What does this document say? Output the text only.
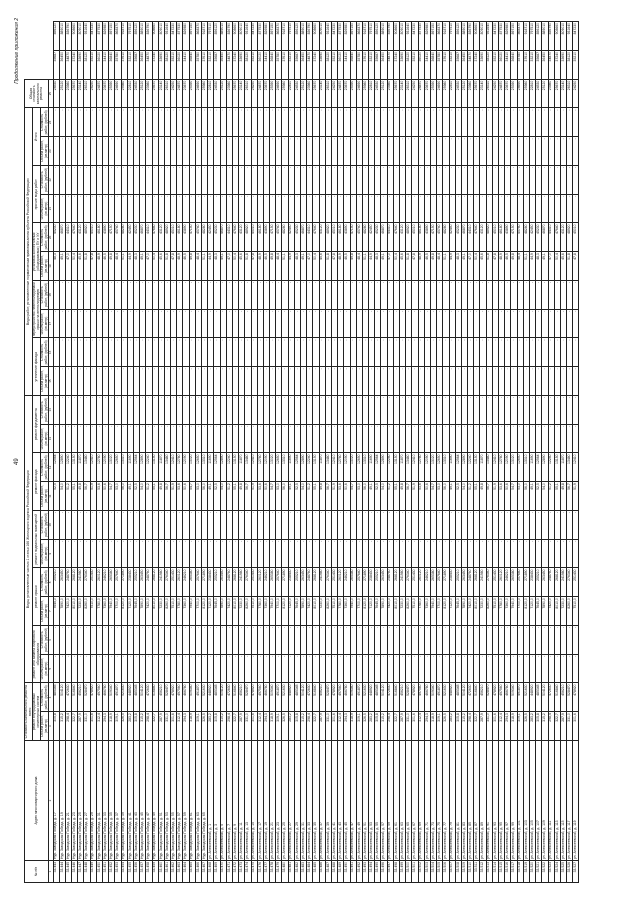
49
Продолжение приложения 2
№ п/п	Адрес многоквартирного дома	Стоимость капитального ремонта всего		Виды, установленные частью 1 статьи 166 Жилищного кодекса Российской Федерации										Виды работ, установленные нормативным правовым актом субъекта Российской Федерации										Общая стоимость капитального ремонта		
		ремонт внутридомовых инженерных систем		ремонт или замена лифтового оборудования		ремонт крыши		ремонт подвальных помещений		ремонт фасада		ремонт фундамента		утепление фасада		переустройство невентилируемой крыши на вентилируемую		установка коллективных (общедомовых) ПУ и УУ		прочие виды работ		Итого				
		Объем работ, (кв.метр)	Стоимость работ, (рублей)	Объем работ, (кв.метр)	Стоимость работ, (рублей)	Объем работ, (кв.метр)	Стоимость работ, (рублей)	Объем работ, (кв.метр)	Стоимость работ, (рублей)	Объем работ, (кв.метр)	Стоимость работ, (рублей)	Объем работ, (кв.метр)	Стоимость работ, (рублей)	Объем работ, (кв.метр)	Стоимость работ, (рублей)	Объем работ, (кв.метр)	Стоимость работ, (рублей)	Объем работ, (кв.метр)	Стоимость работ, (рублей)	Объем работ, (кв.метр)	Стоимость работ, (рублей)	Объем работ, (кв.метр)	Стоимость работ, (рублей)			
1	2	3	4	5	6	7	8	9	10	11	12	13	14	15	16	17	18	19	20	21	22	23	24	25		
33.443	Нур. Заводская Победа, д. 17	305,8	485345	-	-	7645,0	255210	-	-	52,5	12564	-	-	-	-	-	-	48,3	45230	-	-	-	-	24530	35687	856120
33.444	Нур. Заводская Победа, д. 19	315,2	504120	-	-	7890,0	263450	-	-	54,0	12890	-	-	-	-	-	-	49,1	46870	-	-	-	-	25120	36450	889010
33.445	Нур. Заводская Победа, д. 21	298,4	472630	-	-	7420,0	248760	-	-	51,2	12240	-	-	-	-	-	-	47,0	44310	-	-	-	-	23980	34870	836790
33.446	Нур. Заводская Победа, д. 23	322,7	516840	-	-	8010,0	268120	-	-	55,1	13150	-	-	-	-	-	-	50,4	47640	-	-	-	-	25670	37240	908660
33.447	Нур. Заводская Победа, д. 25	287,9	456210	-	-	7230,0	241980	-	-	49,8	11870	-	-	-	-	-	-	45,6	43120	-	-	-	-	23140	33690	809010
33.448	Нур. Заводская Победа, д. 27	331,0	528470	-	-	8260,0	276340	-	-	56,7	13480	-	-	-	-	-	-	51,8	48920	-	-	-	-	26310	38120	931640
33.449	Нур. Заводская Победа, д. 29	301,6	478920	-	-	7510,0	251430	-	-	51,9	12410	-	-	-	-	-	-	47,8	45010	-	-	-	-	24250	35210	847230
33.450	Нур. Заводская Победа, д. 31	312,4	497560	-	-	7780,0	260120	-	-	53,6	12780	-	-	-	-	-	-	48,9	46180	-	-	-	-	24870	36020	877530
33.451	Нур. Заводская Победа, д. 33	294,3	466780	-	-	7360,0	246210	-	-	50,6	12090	-	-	-	-	-	-	46,5	43890	-	-	-	-	23670	34410	826980
33.452	Нур. Заводская Победа, д. 35	318,9	509340	-	-	7940,0	265380	-	-	54,7	13020	-	-	-	-	-	-	49,8	47150	-	-	-	-	25390	36840	897150
33.453	Нур. Заводская Победа, д. 37	309,1	491870	-	-	7700,0	257640	-	-	53,0	12650	-	-	-	-	-	-	48,4	45740	-	-	-	-	24690	35780	868370
33.454	Нур. Заводская Победа, д. 39	326,5	521630	-	-	8120,0	271890	-	-	56,0	13310	-	-	-	-	-	-	51,1	48280	-	-	-	-	25980	37610	918710
33.455	Нур. Заводская Победа, д. 41	283,2	448920	-	-	7120,0	238430	-	-	49,1	11690	-	-	-	-	-	-	44,9	42450	-	-	-	-	22810	33210	797510
33.456	Нур. Заводская Победа, д. 43	305,8	485345	-	-	7645,0	255210	-	-	52,5	12564	-	-	-	-	-	-	48,3	45230	-	-	-	-	24530	35687	856120
33.457	Нур. Заводская Победа, д. 45	315,2	504120	-	-	7890,0	263450	-	-	54,0	12890	-	-	-	-	-	-	49,1	46870	-	-	-	-	25120	36450	889010
33.458	Нур. Заводская Победа, д. 47	298,4	472630	-	-	7420,0	248760	-	-	51,2	12240	-	-	-	-	-	-	47,0	44310	-	-	-	-	23980	34870	836790
33.459	Нур. Заводская Победа, д. 49	322,7	516840	-	-	8010,0	268120	-	-	55,1	13150	-	-	-	-	-	-	50,4	47640	-	-	-	-	25670	37240	908660
33.460	Нур. Заводская Победа, д. 51	287,9	456210	-	-	7230,0	241980	-	-	49,8	11870	-	-	-	-	-	-	45,6	43120	-	-	-	-	23140	33690	809010
33.461	Нур. Заводская Победа, д. 53	331,0	528470	-	-	8260,0	276340	-	-	56,7	13480	-	-	-	-	-	-	51,8	48920	-	-	-	-	26310	38120	931640
33.462	Нур. Заводская Победа, д. 55	301,6	478920	-	-	7510,0	251430	-	-	51,9	12410	-	-	-	-	-	-	47,8	45010	-	-	-	-	24250	35210	847230
33.463	Нур. Заводская Победа, д. 57	312,4	497560	-	-	7780,0	260120	-	-	53,6	12780	-	-	-	-	-	-	48,9	46180	-	-	-	-	24870	36020	877530
33.464	Нур. Заводская Победа, д. 59	294,3	466780	-	-	7360,0	246210	-	-	50,6	12090	-	-	-	-	-	-	46,5	43890	-	-	-	-	23670	34410	826980
33.465	Нур. Заводская Победа, д. 61	318,9	509340	-	-	7940,0	265380	-	-	54,7	13020	-	-	-	-	-	-	49,8	47150	-	-	-	-	25390	36840	897150
33.466	Нур. Заводская Победа, д. 63	309,1	491870	-	-	7700,0	257640	-	-	53,0	12650	-	-	-	-	-	-	48,4	45740	-	-	-	-	24690	35780	868370
33.467	Нур. Заводская Победа, д. 65	326,5	521630	-	-	8120,0	271890	-	-	56,0	13310	-	-	-	-	-	-	51,1	48280	-	-	-	-	25980	37610	918710
33.468	ул. Алексеевской, д. 1	283,2	448920	-	-	7120,0	238430	-	-	49,1	11690	-	-	-	-	-	-	44,9	42450	-	-	-	-	22810	33210	797510
33.469	ул. Алексеевской, д. 3	305,8	485345	-	-	7645,0	255210	-	-	52,5	12564	-	-	-	-	-	-	48,3	45230	-	-	-	-	24530	35687	856120
33.470	ул. Алексеевской, д. 5	315,2	504120	-	-	7890,0	263450	-	-	54,0	12890	-	-	-	-	-	-	49,1	46870	-	-	-	-	25120	36450	889010
33.471	ул. Алексеевской, д. 7	298,4	472630	-	-	7420,0	248760	-	-	51,2	12240	-	-	-	-	-	-	47,0	44310	-	-	-	-	23980	34870	836790
33.472	ул. Алексеевской, д. 9	322,7	516840	-	-	8010,0	268120	-	-	55,1	13150	-	-	-	-	-	-	50,4	47640	-	-	-	-	25670	37240	908660
33.473	ул. Алексеевской, д. 11	287,9	456210	-	-	7230,0	241980	-	-	49,8	11870	-	-	-	-	-	-	45,6	43120	-	-	-	-	23140	33690	809010
33.474	ул. Алексеевской, д. 13	331,0	528470	-	-	8260,0	276340	-	-	56,7	13480	-	-	-	-	-	-	51,8	48920	-	-	-	-	26310	38120	931640
33.475	ул. Алексеевской, д. 15	301,6	478920	-	-	7510,0	251430	-	-	51,9	12410	-	-	-	-	-	-	47,8	45010	-	-	-	-	24250	35210	847230
33.476	ул. Алексеевской, д. 17	312,4	497560	-	-	7780,0	260120	-	-	53,6	12780	-	-	-	-	-	-	48,9	46180	-	-	-	-	24870	36020	877530
33.477	ул. Алексеевской, д. 19	294,3	466780	-	-	7360,0	246210	-	-	50,6	12090	-	-	-	-	-	-	46,5	43890	-	-	-	-	23670	34410	826980
33.478	ул. Алексеевской, д. 21	318,9	509340	-	-	7940,0	265380	-	-	54,7	13020	-	-	-	-	-	-	49,8	47150	-	-	-	-	25390	36840	897150
33.479	ул. Алексеевской, д. 23	309,1	491870	-	-	7700,0	257640	-	-	53,0	12650	-	-	-	-	-	-	48,4	45740	-	-	-	-	24690	35780	868370
33.480	ул. Алексеевской, д. 25	326,5	521630	-	-	8120,0	271890	-	-	56,0	13310	-	-	-	-	-	-	51,1	48280	-	-	-	-	25980	37610	918710
33.481	ул. Алексеевской, д. 27	283,2	448920	-	-	7120,0	238430	-	-	49,1	11690	-	-	-	-	-	-	44,9	42450	-	-	-	-	22810	33210	797510
33.482	ул. Алексеевской, д. 29	305,8	485345	-	-	7645,0	255210	-	-	52,5	12564	-	-	-	-	-	-	48,3	45230	-	-	-	-	24530	35687	856120
33.483	ул. Алексеевской, д. 31	315,2	504120	-	-	7890,0	263450	-	-	54,0	12890	-	-	-	-	-	-	49,1	46870	-	-	-	-	25120	36450	889010
33.484	ул. Алексеевской, д. 33	298,4	472630	-	-	7420,0	248760	-	-	51,2	12240	-	-	-	-	-	-	47,0	44310	-	-	-	-	23980	34870	836790
33.485	ул. Алексеевской, д. 35	322,7	516840	-	-	8010,0	268120	-	-	55,1	13150	-	-	-	-	-	-	50,4	47640	-	-	-	-	25670	37240	908660
33.486	ул. Алексеевской, д. 37	287,9	456210	-	-	7230,0	241980	-	-	49,8	11870	-	-	-	-	-	-	45,6	43120	-	-	-	-	23140	33690	809010
33.487	ул. Алексеевской, д. 39	331,0	528470	-	-	8260,0	276340	-	-	56,7	13480	-	-	-	-	-	-	51,8	48920	-	-	-	-	26310	38120	931640
33.488	ул. Алексеевской, д. 41	301,6	478920	-	-	7510,0	251430	-	-	51,9	12410	-	-	-	-	-	-	47,8	45010	-	-	-	-	24250	35210	847230
33.489	ул. Алексеевской, д. 43	312,4	497560	-	-	7780,0	260120	-	-	53,6	12780	-	-	-	-	-	-	48,9	46180	-	-	-	-	24870	36020	877530
33.490	ул. Алексеевской, д. 45	294,3	466780	-	-	7360,0	246210	-	-	50,6	12090	-	-	-	-	-	-	46,5	43890	-	-	-	-	23670	34410	826980
33.491	ул. Алексеевской, д. 47	318,9	509340	-	-	7940,0	265380	-	-	54,7	13020	-	-	-	-	-	-	49,8	47150	-	-	-	-	25390	36840	897150
33.492	ул. Алексеевской, д. 49	309,1	491870	-	-	7700,0	257640	-	-	53,0	12650	-	-	-	-	-	-	48,4	45740	-	-	-	-	24690	35780	868370
33.493	ул. Алексеевской, д. 51	326,5	521630	-	-	8120,0	271890	-	-	56,0	13310	-	-	-	-	-	-	51,1	48280	-	-	-	-	25980	37610	918710
33.494	ул. Алексеевской, д. 53	283,2	448920	-	-	7120,0	238430	-	-	49,1	11690	-	-	-	-	-	-	44,9	42450	-	-	-	-	22810	33210	797510
33.495	ул. Алексеевской, д. 55	305,8	485345	-	-	7645,0	255210	-	-	52,5	12564	-	-	-	-	-	-	48,3	45230	-	-	-	-	24530	35687	856120
33.496	ул. Алексеевской, д. 57	315,2	504120	-	-	7890,0	263450	-	-	54,0	12890	-	-	-	-	-	-	49,1	46870	-	-	-	-	25120	36450	889010
33.497	ул. Алексеевской, д. 59	298,4	472630	-	-	7420,0	248760	-	-	51,2	12240	-	-	-	-	-	-	47,0	44310	-	-	-	-	23980	34870	836790
33.498	ул. Алексеевской, д. 61	322,7	516840	-	-	8010,0	268120	-	-	55,1	13150	-	-	-	-	-	-	50,4	47640	-	-	-	-	25670	37240	908660
33.499	ул. Алексеевской, д. 63	287,9	456210	-	-	7230,0	241980	-	-	49,8	11870	-	-	-	-	-	-	45,6	43120	-	-	-	-	23140	33690	809010
33.500	ул. Алексеевской, д. 65	331,0	528470	-	-	8260,0	276340	-	-	56,7	13480	-	-	-	-	-	-	51,8	48920	-	-	-	-	26310	38120	931640
33.501	ул. Алексеевской, д. 67	301,6	478920	-	-	7510,0	251430	-	-	51,9	12410	-	-	-	-	-	-	47,8	45010	-	-	-	-	24250	35210	847230
33.502	ул. Алексеевской, д. 69	312,4	497560	-	-	7780,0	260120	-	-	53,6	12780	-	-	-	-	-	-	48,9	46180	-	-	-	-	24870	36020	877530
33.503	ул. Алексеевской, д. 71	294,3	466780	-	-	7360,0	246210	-	-	50,6	12090	-	-	-	-	-	-	46,5	43890	-	-	-	-	23670	34410	826980
33.504	ул. Алексеевской, д. 73	318,9	509340	-	-	7940,0	265380	-	-	54,7	13020	-	-	-	-	-	-	49,8	47150	-	-	-	-	25390	36840	897150
33.505	ул. Алексеевской, д. 75	309,1	491870	-	-	7700,0	257640	-	-	53,0	12650	-	-	-	-	-	-	48,4	45740	-	-	-	-	24690	35780	868370
33.506	ул. Алексеевской, д. 77	326,5	521630	-	-	8120,0	271890	-	-	56,0	13310	-	-	-	-	-	-	51,1	48280	-	-	-	-	25980	37610	918710
33.507	ул. Алексеевской, д. 79	283,2	448920	-	-	7120,0	238430	-	-	49,1	11690	-	-	-	-	-	-	44,9	42450	-	-	-	-	22810	33210	797510
33.508	ул. Алексеевской, д. 81	305,8	485345	-	-	7645,0	255210	-	-	52,5	12564	-	-	-	-	-	-	48,3	45230	-	-	-	-	24530	35687	856120
33.509	ул. Алексеевской, д. 83	315,2	504120	-	-	7890,0	263450	-	-	54,0	12890	-	-	-	-	-	-	49,1	46870	-	-	-	-	25120	36450	889010
33.510	ул. Алексеевской, д. 85	298,4	472630	-	-	7420,0	248760	-	-	51,2	12240	-	-	-	-	-	-	47,0	44310	-	-	-	-	23980	34870	836790
33.511	ул. Алексеевской, д. 87	322,7	516840	-	-	8010,0	268120	-	-	55,1	13150	-	-	-	-	-	-	50,4	47640	-	-	-	-	25670	37240	908660
33.512	ул. Алексеевской, д. 89	287,9	456210	-	-	7230,0	241980	-	-	49,8	11870	-	-	-	-	-	-	45,6	43120	-	-	-	-	23140	33690	809010
33.513	ул. Алексеевской, д. 91	331,0	528470	-	-	8260,0	276340	-	-	56,7	13480	-	-	-	-	-	-	51,8	48920	-	-	-	-	26310	38120	931640
33.514	ул. Алексеевской, д. 93	301,6	478920	-	-	7510,0	251430	-	-	51,9	12410	-	-	-	-	-	-	47,8	45010	-	-	-	-	24250	35210	847230
33.515	ул. Алексеевской, д. 95	312,4	497560	-	-	7780,0	260120	-	-	53,6	12780	-	-	-	-	-	-	48,9	46180	-	-	-	-	24870	36020	877530
33.516	ул. Алексеевской, д. 97	294,3	466780	-	-	7360,0	246210	-	-	50,6	12090	-	-	-	-	-	-	46,5	43890	-	-	-	-	23670	34410	826980
33.517	ул. Алексеевской, д. 99	318,9	509340	-	-	7940,0	265380	-	-	54,7	13020	-	-	-	-	-	-	49,8	47150	-	-	-	-	25390	36840	897150
33.518	ул. Алексеевской, д. 101	309,1	491870	-	-	7700,0	257640	-	-	53,0	12650	-	-	-	-	-	-	48,4	45740	-	-	-	-	24690	35780	868370
33.519	ул. Алексеевской, д. 103	326,5	521630	-	-	8120,0	271890	-	-	56,0	13310	-	-	-	-	-	-	51,1	48280	-	-	-	-	25980	37610	918710
33.520	ул. Алексеевской, д. 105	283,2	448920	-	-	7120,0	238430	-	-	49,1	11690	-	-	-	-	-	-	44,9	42450	-	-	-	-	22810	33210	797510
33.521	ул. Алексеевской, д. 107	305,8	485345	-	-	7645,0	255210	-	-	52,5	12564	-	-	-	-	-	-	48,3	45230	-	-	-	-	24530	35687	856120
33.522	ул. Алексеевской, д. 109	315,2	504120	-	-	7890,0	263450	-	-	54,0	12890	-	-	-	-	-	-	49,1	46870	-	-	-	-	25120	36450	889010
33.523	ул. Алексеевской, д. 111	298,4	472630	-	-	7420,0	248760	-	-	51,2	12240	-	-	-	-	-	-	47,0	44310	-	-	-	-	23980	34870	836790
33.524	ул. Алексеевской, д. 113	322,7	516840	-	-	8010,0	268120	-	-	55,1	13150	-	-	-	-	-	-	50,4	47640	-	-	-	-	25670	37240	908660
33.525	ул. Алексеевской, д. 115	287,9	456210	-	-	7230,0	241980	-	-	49,8	11870	-	-	-	-	-	-	45,6	43120	-	-	-	-	23140	33690	809010
33.526	ул. Алексеевской, д. 117	331,0	528470	-	-	8260,0	276340	-	-	56,7	13480	-	-	-	-	-	-	51,8	48920	-	-	-	-	26310	38120	931640
33.527	ул. Алексеевской, д. 119	301,6	478920	-	-	7510,0	251430	-	-	51,9	12410	-	-	-	-	-	-	47,8	45010	-	-	-	-	24250	35210	847230
